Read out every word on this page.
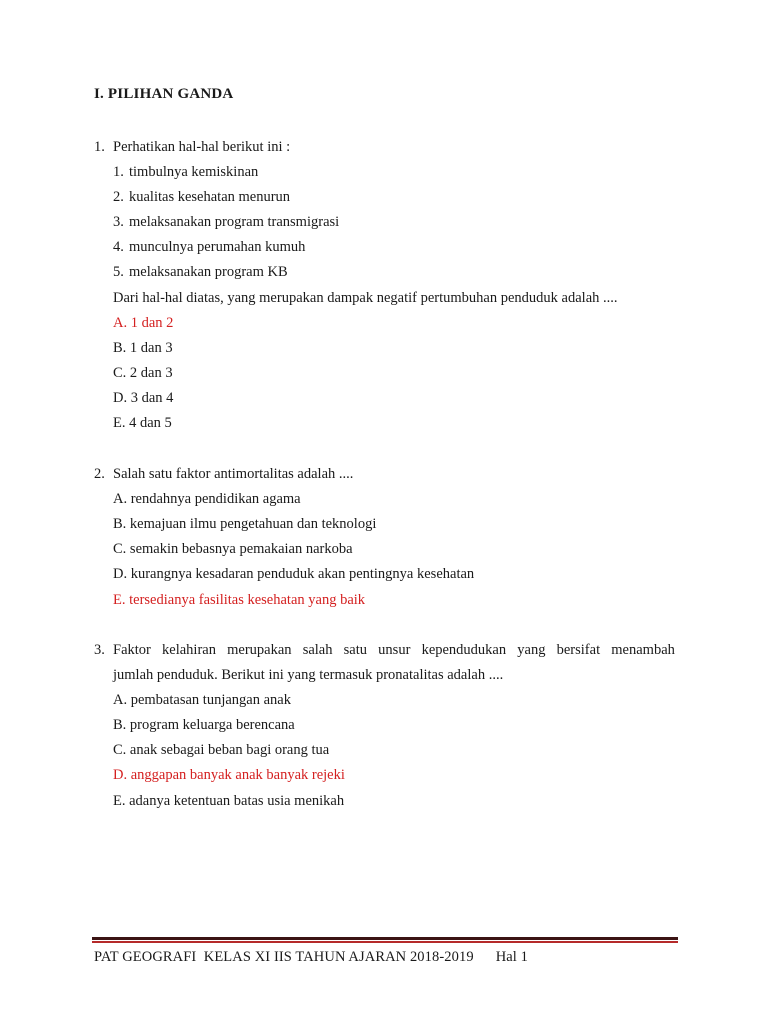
I. PILIHAN GANDA
1. Perhatikan hal-hal berikut ini :
1. timbulnya kemiskinan
2. kualitas kesehatan menurun
3. melaksanakan program transmigrasi
4. munculnya perumahan kumuh
5. melaksanakan program KB
Dari hal-hal diatas, yang merupakan dampak negatif pertumbuhan penduduk adalah ....
A. 1 dan 2
B. 1 dan 3
C. 2 dan 3
D. 3 dan 4
E. 4 dan 5
2. Salah satu faktor antimortalitas adalah ....
A. rendahnya pendidikan agama
B. kemajuan ilmu pengetahuan dan teknologi
C. semakin bebasnya pemakaian narkoba
D. kurangnya kesadaran penduduk akan pentingnya kesehatan
E. tersedianya fasilitas kesehatan yang baik
3. Faktor kelahiran merupakan salah satu unsur kependudukan yang bersifat menambah
jumlah penduduk. Berikut ini yang termasuk pronatalitas adalah ....
A. pembatasan tunjangan anak
B. program keluarga berencana
C. anak sebagai beban bagi orang tua
D. anggapan banyak anak banyak rejeki
E. adanya ketentuan batas usia menikah
PAT GEOGRAFI  KELAS XI IIS TAHUN AJARAN 2018-2019 Hal 1
